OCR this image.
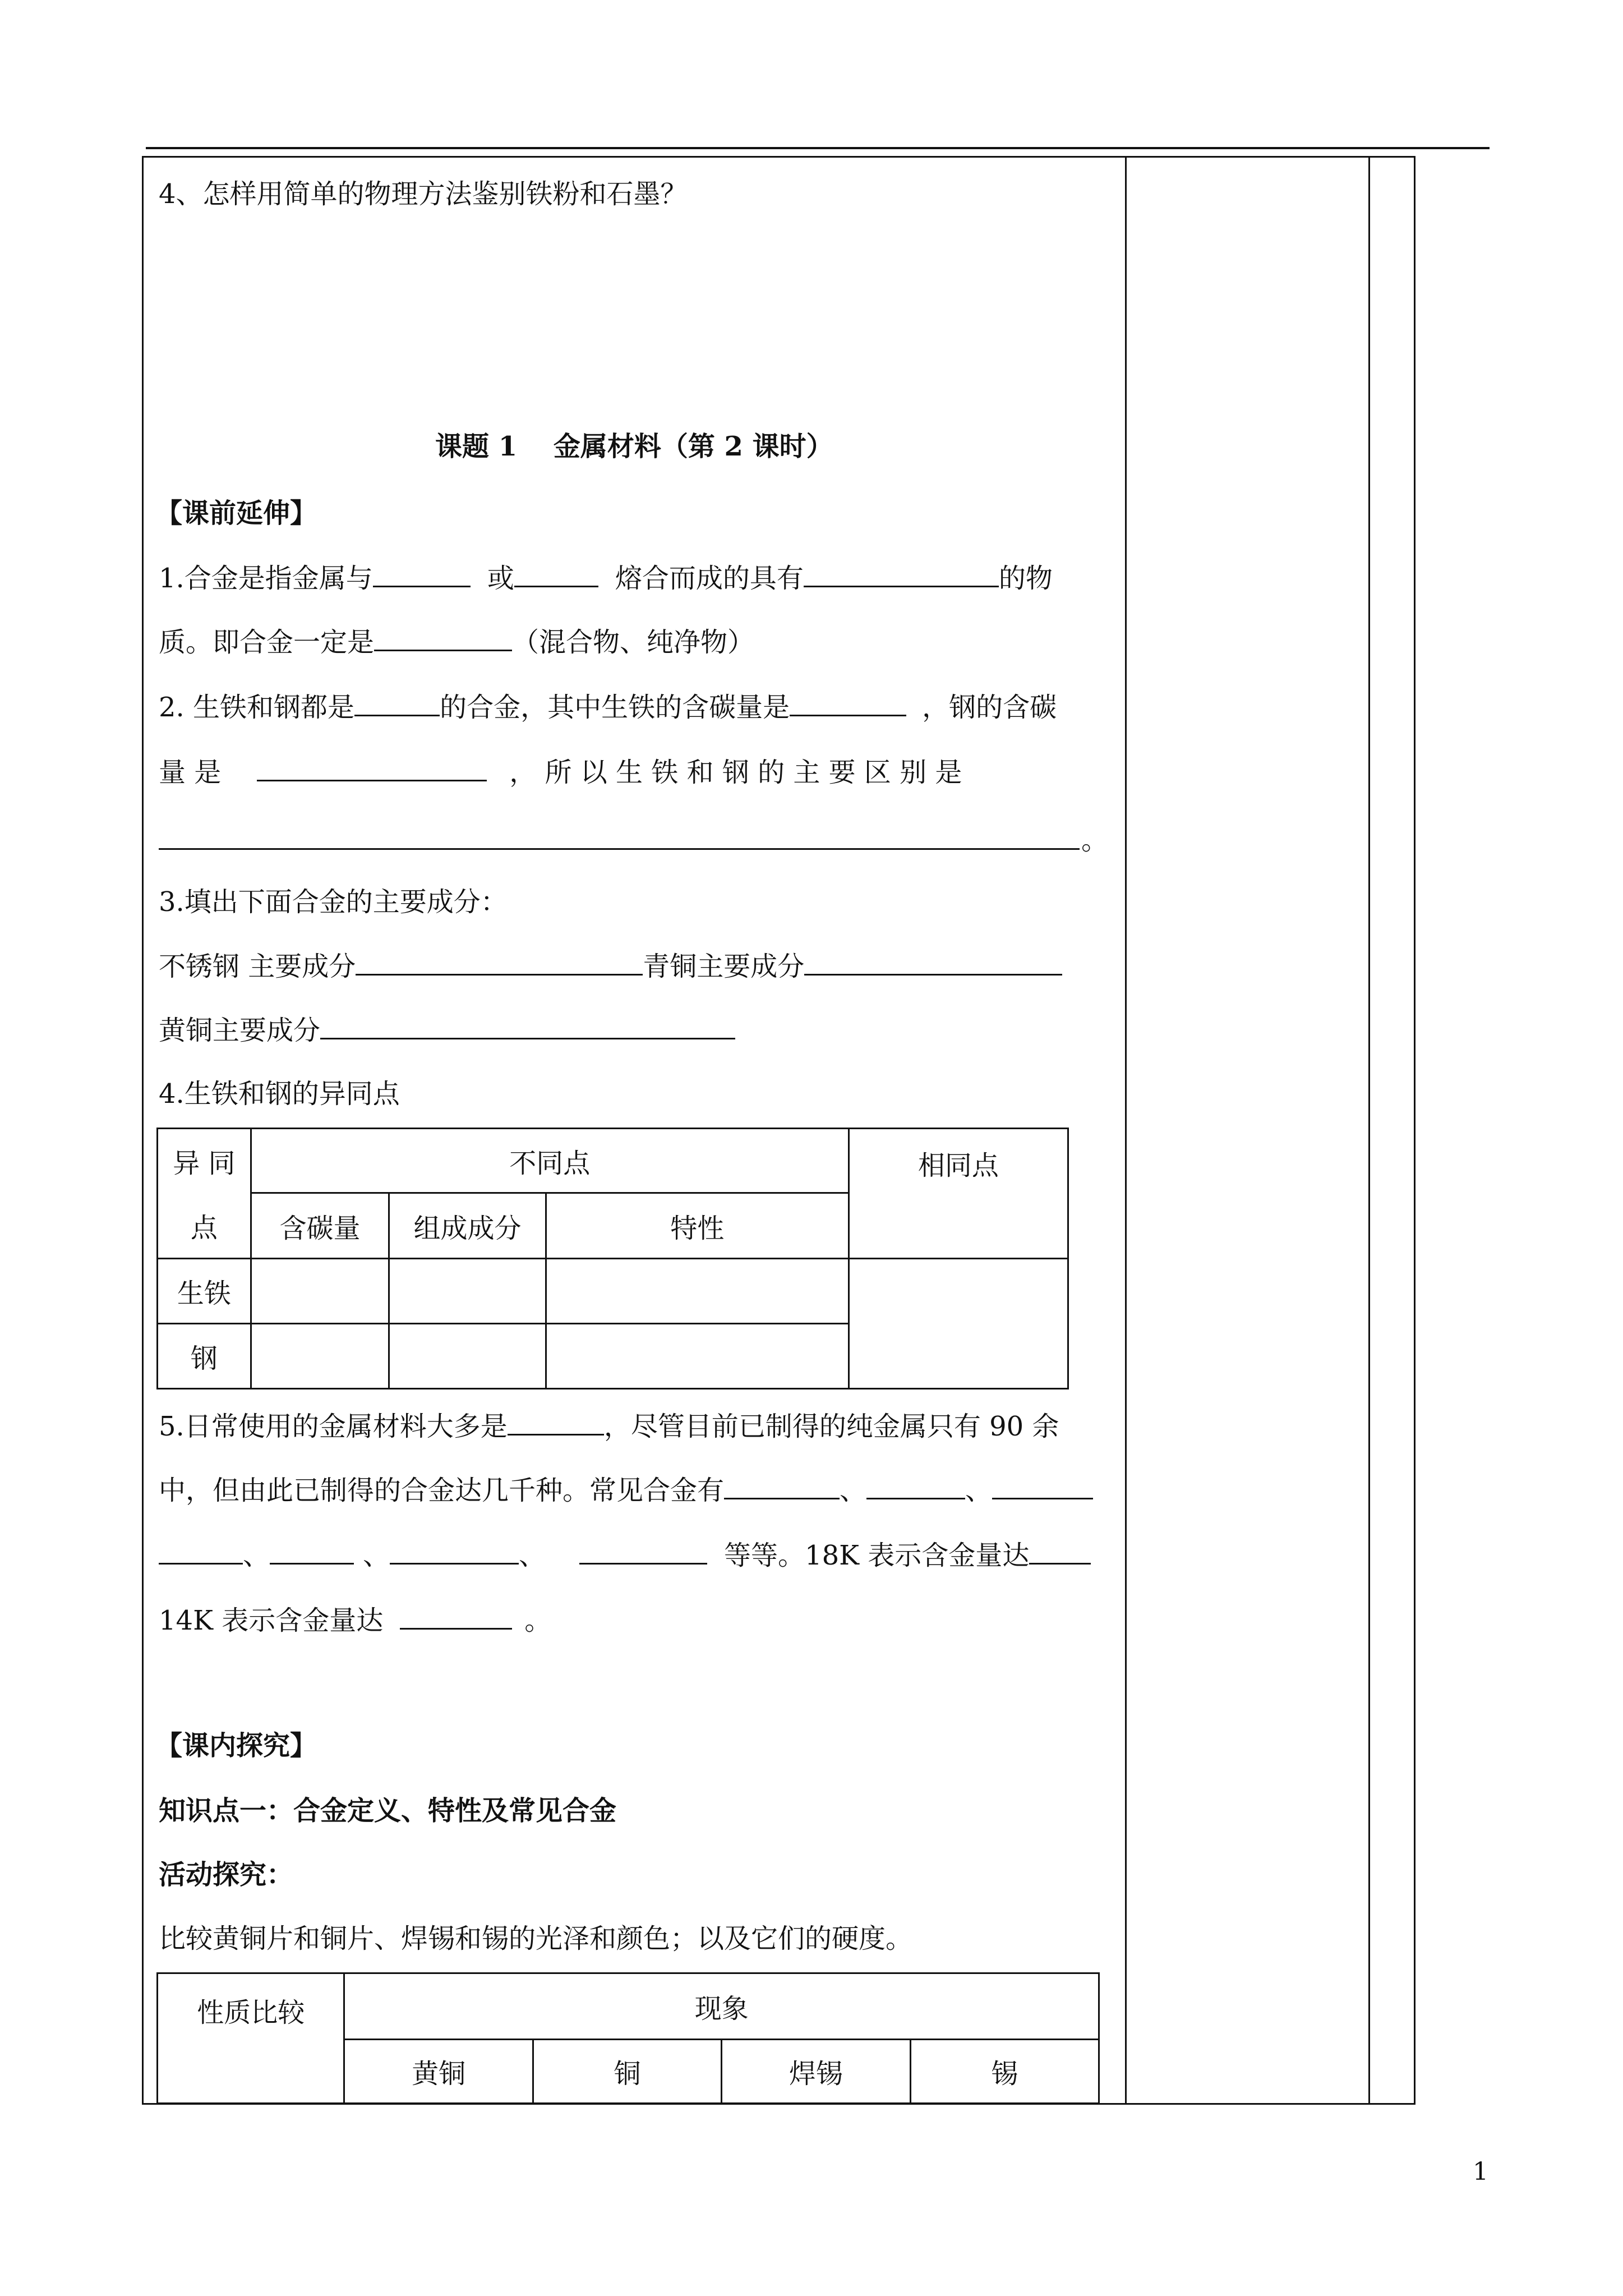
4、怎样用简单的物理方法鉴别铁粉和石墨？
课题 1　 金属材料（第 2 课时）
【课前延伸】
1.合金是指金属与	或	熔合而成的具有	的物
质。即合金一定是	（混合物、纯净物）
2. 生铁和钢都是	的合金，其中生铁的含碳量是	，钢的含碳
量 是	， 所 以 生 铁 和 钢 的 主 要 区 别 是
。
3.填出下面合金的主要成分：
不锈钢 主要成分	青铜主要成分
黄铜主要成分
4.生铁和钢的异同点
异 同	不同点			相同点
点	含碳量	组成成分	特性	
生铁				
钢				
5.日常使用的金属材料大多是	，尽管目前已制得的纯金属只有 90 余
中，但由此已制得的合金达几千种。常见合金有	、	、
、	、	、	等等。18K 表示含金量达
14K 表示含金量达	。
【课内探究】
知识点一：合金定义、特性及常见合金
活动探究：
比较黄铜片和铜片、焊锡和锡的光泽和颜色；以及它们的硬度。
性质比较	现象			
	黄铜	铜	焊锡	锡
1
